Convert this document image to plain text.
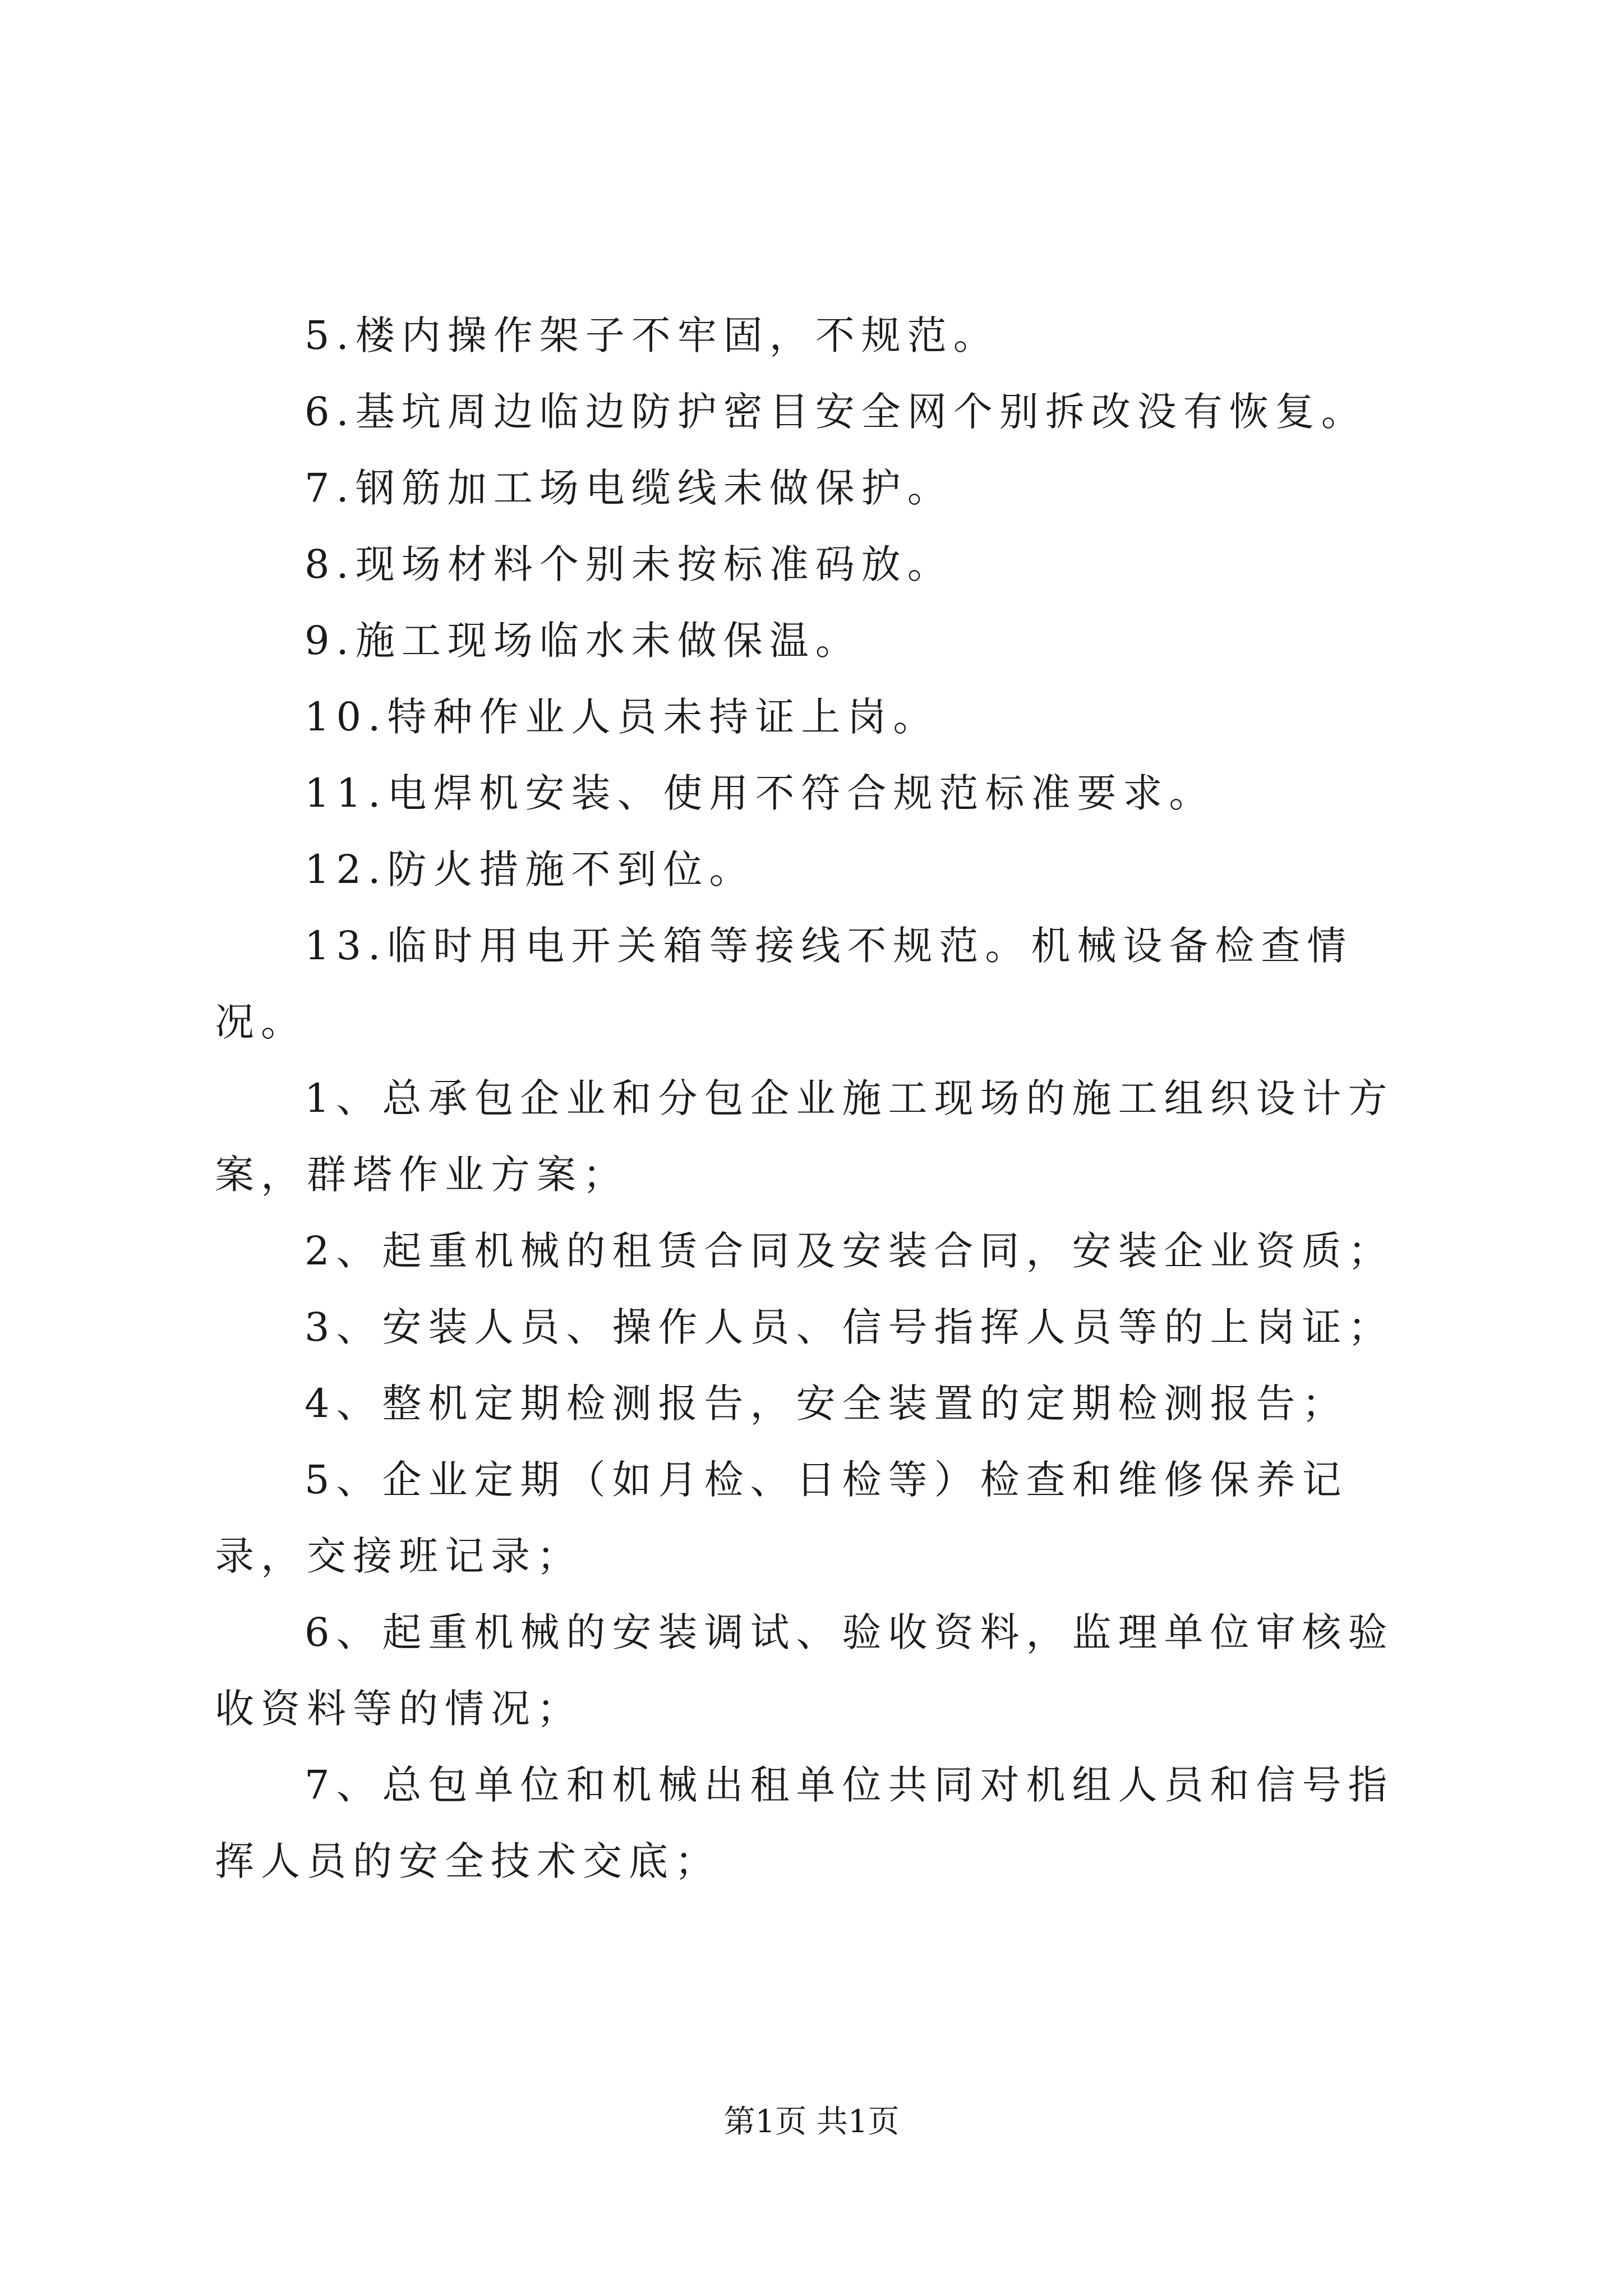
5.楼内操作架子不牢固，不规范。

6.基坑周边临边防护密目安全网个别拆改没有恢复。

7.钢筋加工场电缆线未做保护。

8.现场材料个别未按标准码放。

9.施工现场临水未做保温。

10.特种作业人员未持证上岗。

11.电焊机安装、使用不符合规范标准要求。

12.防火措施不到位。

13.临时用电开关箱等接线不规范。机械设备检查情况。

1、总承包企业和分包企业施工现场的施工组织设计方案，群塔作业方案；

2、起重机械的租赁合同及安装合同，安装企业资质；

3、安装人员、操作人员、信号指挥人员等的上岗证；

4、整机定期检测报告，安全装置的定期检测报告；

5、企业定期（如月检、日检等）检查和维修保养记录，交接班记录；

6、起重机械的安装调试、验收资料，监理单位审核验收资料等的情况；

7、总包单位和机械出租单位共同对机组人员和信号指挥人员的安全技术交底；

第1页 共1页
